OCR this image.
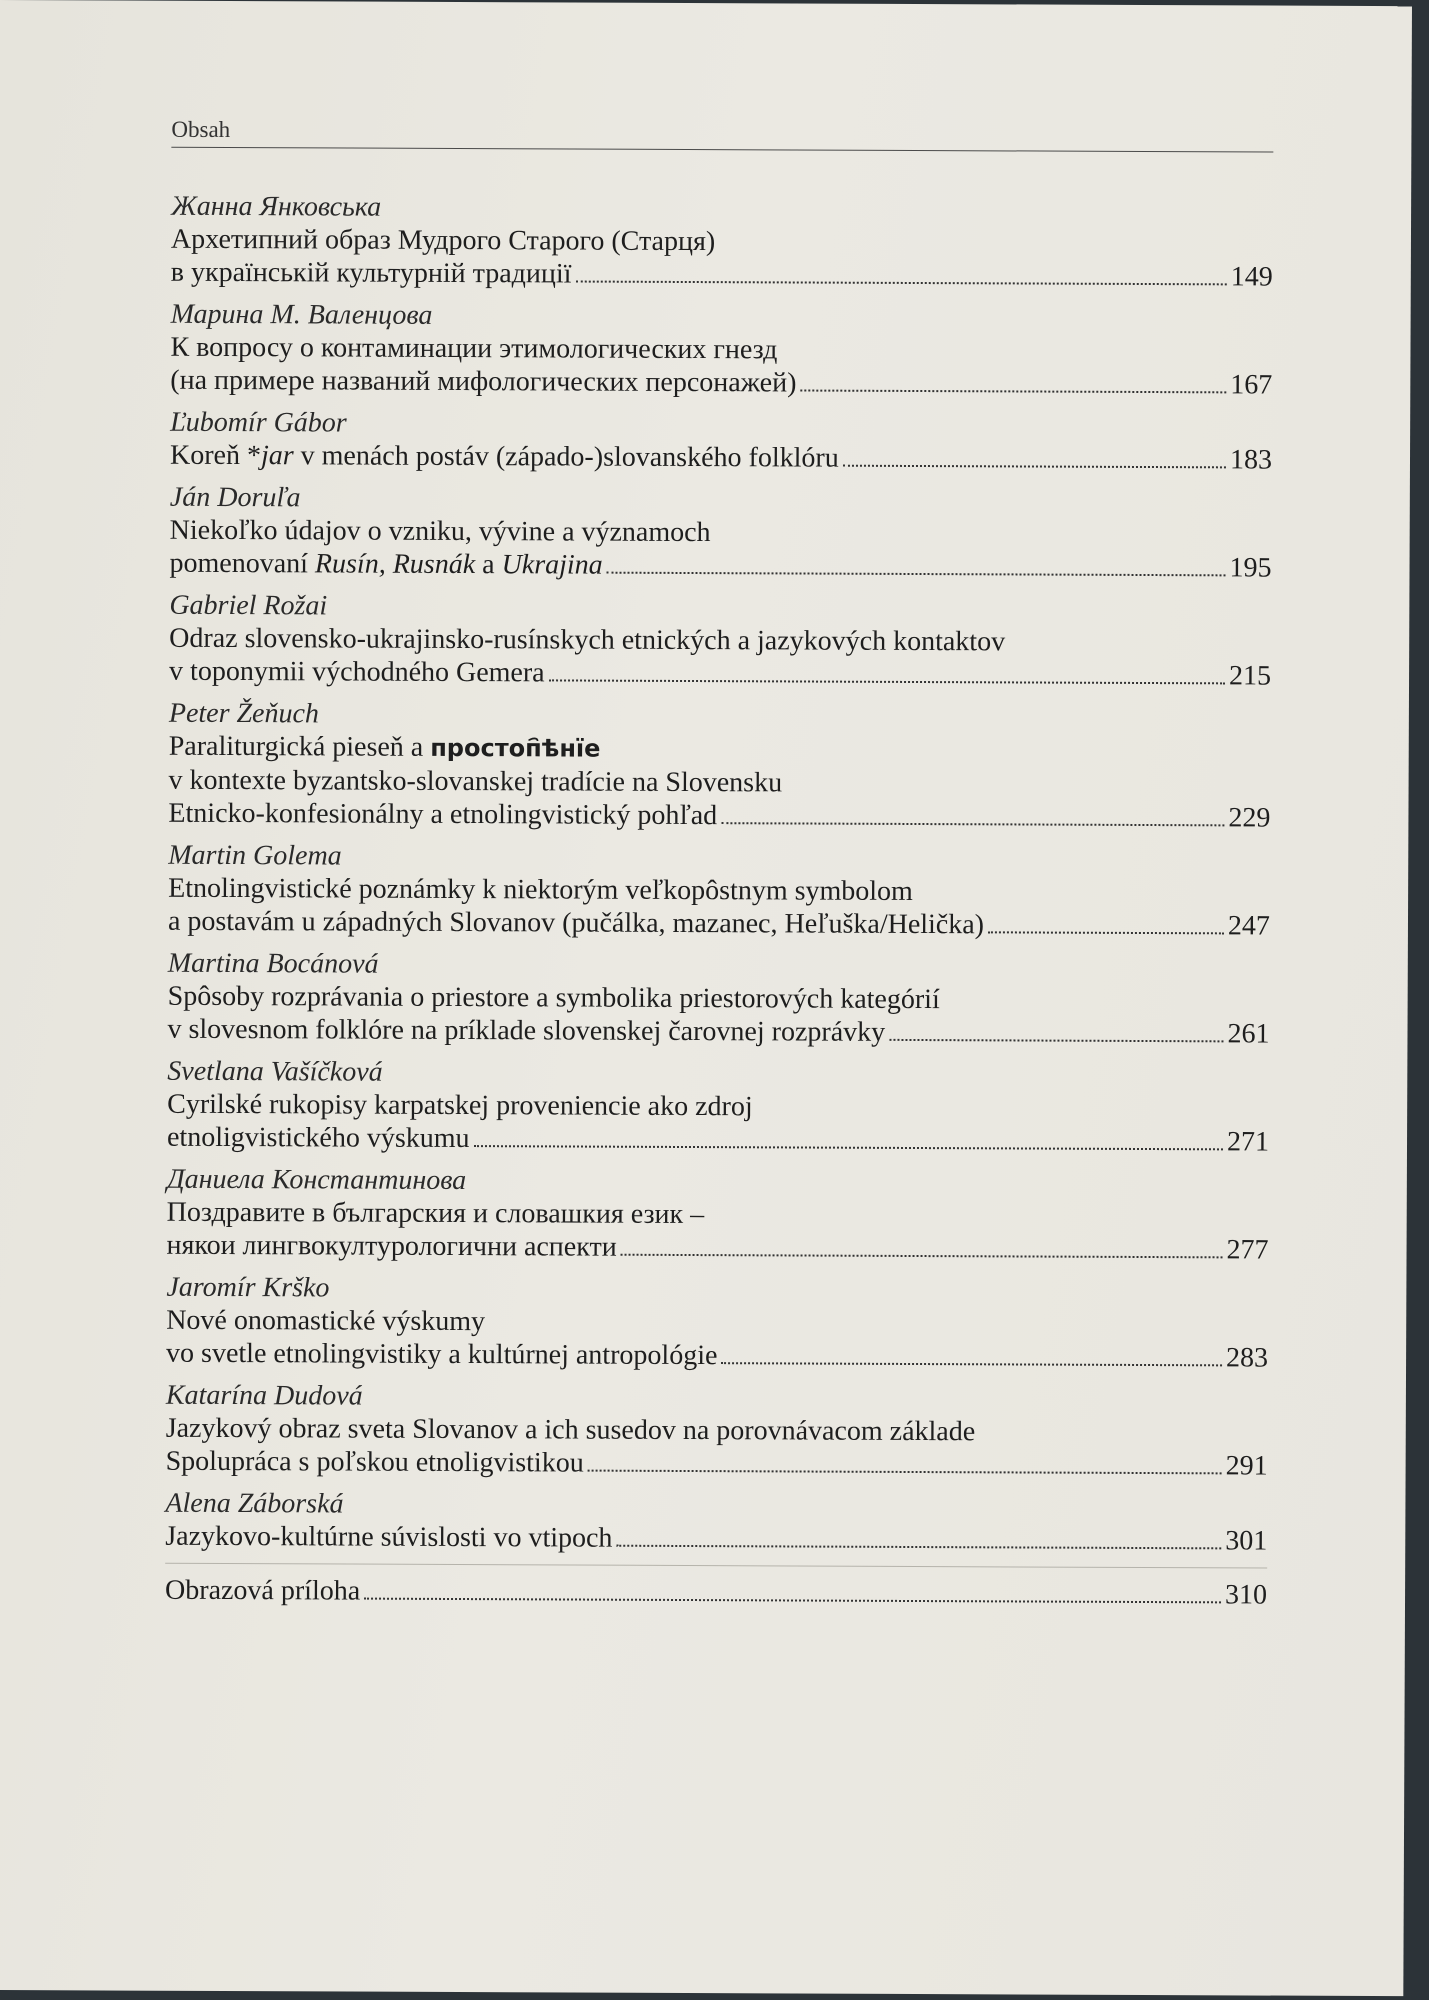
Obsah
Жанна Янковська
Архетипний образ Мудрого Старого (Старця)
в українській культурній традиції	149
Марина М. Валенцова
К вопросу о контаминации этимологических гнезд
(на примере названий мифологических персонажей)	167
Ľubomír Gábor
Koreň *jar v menách postáv (západo-)slovanského folklóru	183
Ján Doruľa
Niekoľko údajov o vzniku, vývine a významoch
pomenovaní Rusín, Rusnák a Ukrajina	195
Gabriel Rožai
Odraz slovensko-ukrajinsko-rusínskych etnických a jazykových kontaktov
v toponymii východného Gemera	215
Peter Žeňuch
Paraliturgická pieseň a простоп҄ѣнїе
v kontexte byzantsko-slovanskej tradície na Slovensku
Etnicko-konfesionálny a etnolingvistický pohľad	229
Martin Golema
Etnolingvistické poznámky k niektorým veľkopôstnym symbolom
a postavám u západných Slovanov (pučálka, mazanec, Heľuška/Helička)	247
Martina Bocánová
Spôsoby rozprávania o priestore a symbolika priestorových kategórií
v slovesnom folklóre na príklade slovenskej čarovnej rozprávky	261
Svetlana Vašíčková
Cyrilské rukopisy karpatskej proveniencie ako zdroj
etnoligvistického výskumu	271
Даниела Константинова
Поздравите в българския и словашкия език –
някои лингвокултурологични аспекти	277
Jaromír Krško
Nové onomastické výskumy
vo svetle etnolingvistiky a kultúrnej antropológie	283
Katarína Dudová
Jazykový obraz sveta Slovanov a ich susedov na porovnávacom základe
Spolupráca s poľskou etnoligvistikou	291
Alena Záborská
Jazykovo-kultúrne súvislosti vo vtipoch	301
Obrazová príloha	310
